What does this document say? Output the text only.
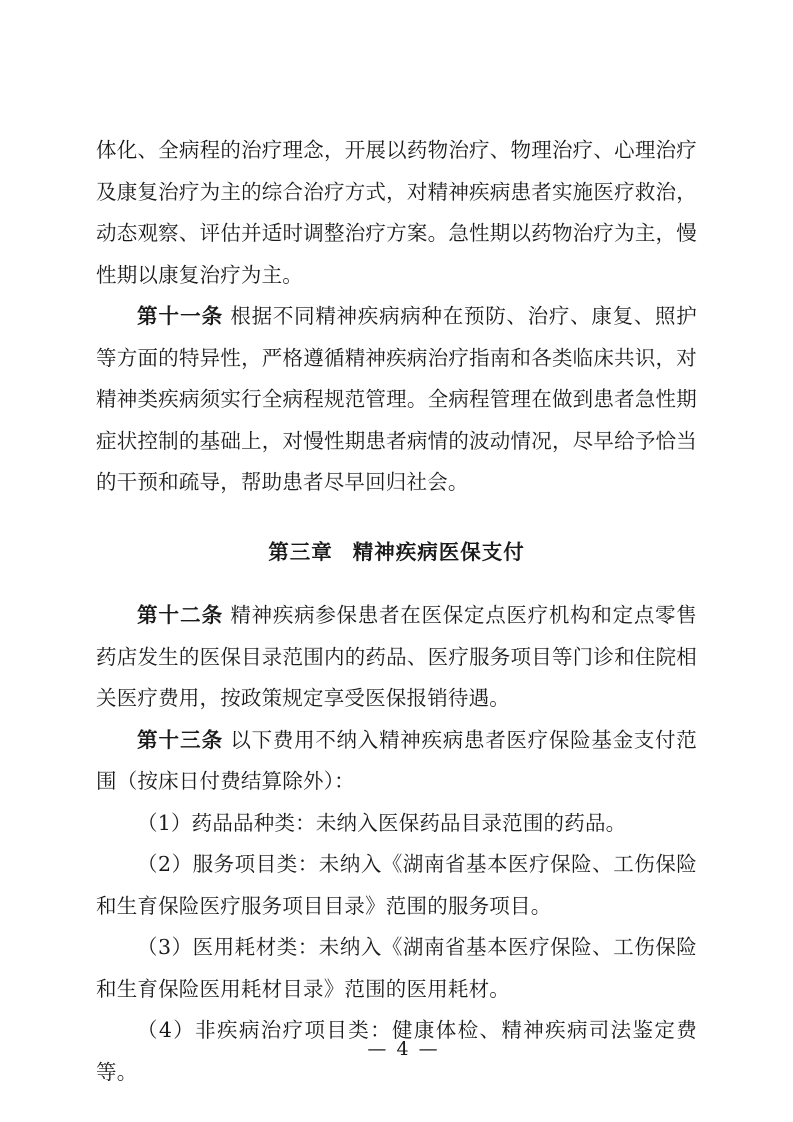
体化、全病程的治疗理念，开展以药物治疗、物理治疗、心理治疗及康复治疗为主的综合治疗方式，对精神疾病患者实施医疗救治，动态观察、评估并适时调整治疗方案。急性期以药物治疗为主，慢性期以康复治疗为主。

第十一条 根据不同精神疾病病种在预防、治疗、康复、照护等方面的特异性，严格遵循精神疾病治疗指南和各类临床共识，对精神类疾病须实行全病程规范管理。全病程管理在做到患者急性期症状控制的基础上，对慢性期患者病情的波动情况，尽早给予恰当的干预和疏导，帮助患者尽早回归社会。

第三章 精神疾病医保支付

第十二条 精神疾病参保患者在医保定点医疗机构和定点零售药店发生的医保目录范围内的药品、医疗服务项目等门诊和住院相关医疗费用，按政策规定享受医保报销待遇。

第十三条 以下费用不纳入精神疾病患者医疗保险基金支付范围（按床日付费结算除外）：

（1）药品品种类：未纳入医保药品目录范围的药品。

（2）服务项目类：未纳入《湖南省基本医疗保险、工伤保险和生育保险医疗服务项目目录》范围的服务项目。

（3）医用耗材类：未纳入《湖南省基本医疗保险、工伤保险和生育保险医用耗材目录》范围的医用耗材。

（4）非疾病治疗项目类：健康体检、精神疾病司法鉴定费等。

— 4 —
